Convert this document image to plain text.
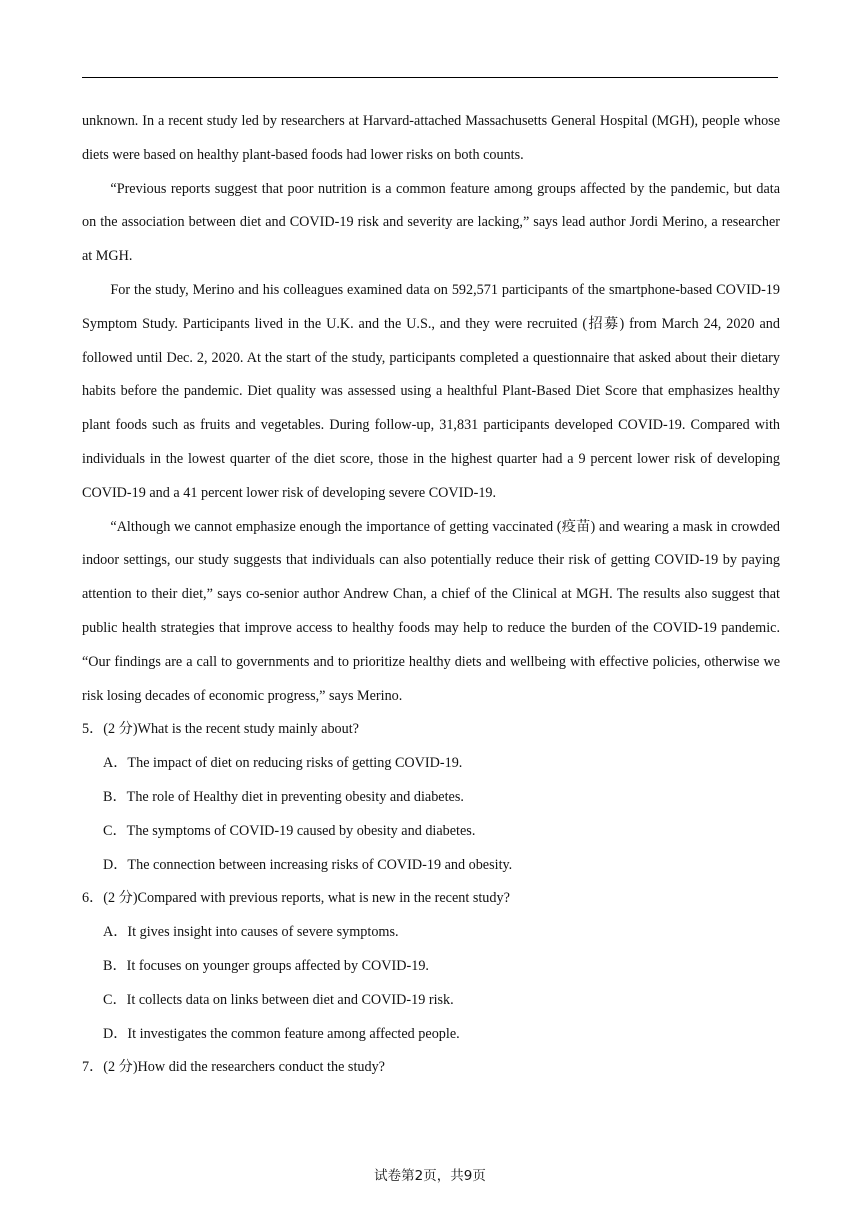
unknown. In a recent study led by researchers at Harvard-attached Massachusetts General Hospital (MGH), people whose diets were based on healthy plant-based foods had lower risks on both counts.

“Previous reports suggest that poor nutrition is a common feature among groups affected by the pandemic, but data on the association between diet and COVID-19 risk and severity are lacking,” says lead author Jordi Merino, a researcher at MGH.

For the study, Merino and his colleagues examined data on 592,571 participants of the smartphone-based COVID-19 Symptom Study. Participants lived in the U.K. and the U.S., and they were recruited (招募) from March 24, 2020 and followed until Dec. 2, 2020. At the start of the study, participants completed a questionnaire that asked about their dietary habits before the pandemic. Diet quality was assessed using a healthful Plant-Based Diet Score that emphasizes healthy plant foods such as fruits and vegetables. During follow-up, 31,831 participants developed COVID-19. Compared with individuals in the lowest quarter of the diet score, those in the highest quarter had a 9 percent lower risk of developing COVID-19 and a 41 percent lower risk of developing severe COVID-19.

“Although we cannot emphasize enough the importance of getting vaccinated (疫苗) and wearing a mask in crowded indoor settings, our study suggests that individuals can also potentially reduce their risk of getting COVID-19 by paying attention to their diet,” says co-senior author Andrew Chan, a chief of the Clinical at MGH. The results also suggest that public health strategies that improve access to healthy foods may help to reduce the burden of the COVID-19 pandemic. “Our findings are a call to governments and to prioritize healthy diets and wellbeing with effective policies, otherwise we risk losing decades of economic progress,” says Merino.

5．(2 分)What is the recent study mainly about?

A．The impact of diet on reducing risks of getting COVID-19.

B．The role of Healthy diet in preventing obesity and diabetes.

C．The symptoms of COVID-19 caused by obesity and diabetes.

D．The connection between increasing risks of COVID-19 and obesity.

6．(2 分)Compared with previous reports, what is new in the recent study?

A．It gives insight into causes of severe symptoms.

B．It focuses on younger groups affected by COVID-19.

C．It collects data on links between diet and COVID-19 risk.

D．It investigates the common feature among affected people.

7．(2 分)How did the researchers conduct the study?

试卷第2页，共9页
